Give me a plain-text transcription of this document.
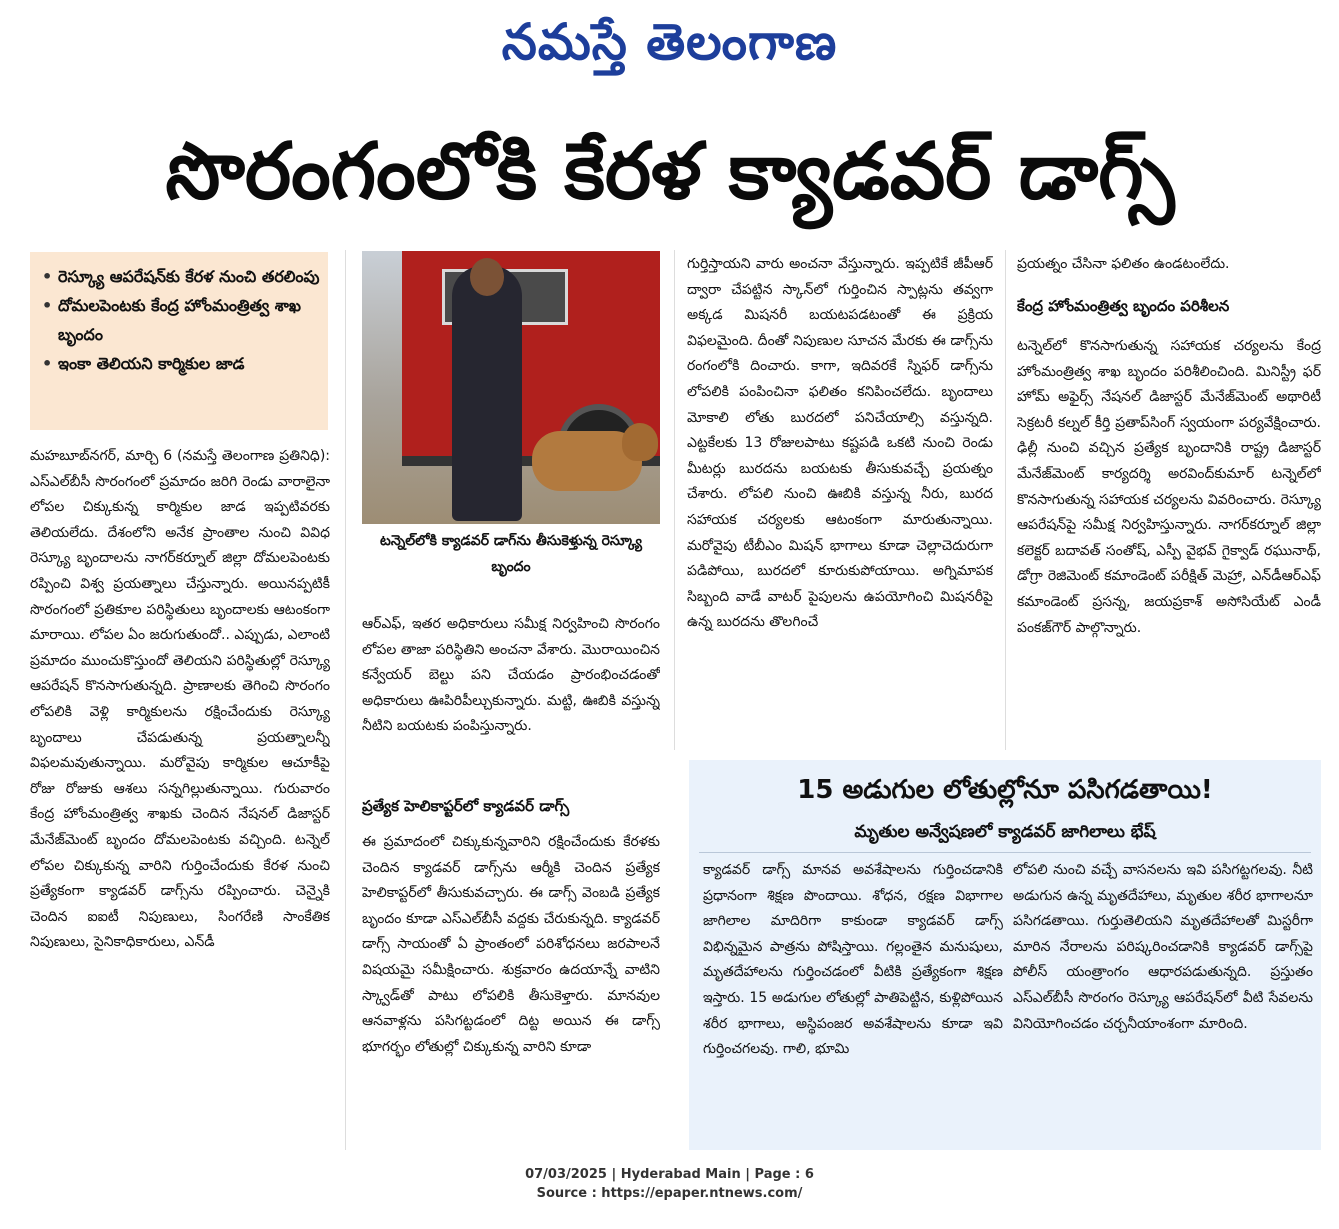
నమస్తే తెలంగాణ
సొరంగంలోకి కేరళ క్యాడవర్ డాగ్స్
• రెస్క్యూ ఆపరేషన్‌కు కేరళ నుంచి తరలింపు
• దోమలపెంటకు కేంద్ర హోంమంత్రిత్వ శాఖ బృందం
• ఇంకా తెలియని కార్మికుల జాడ

మహబూబ్‌నగర్, మార్చి 6 (నమస్తే తెలంగాణ ప్రతినిధి): ఎస్‌ఎల్‌బీసీ సొరంగంలో ప్రమాదం జరిగి రెండు వారాలైనా లోపల చిక్కుకున్న కార్మికుల జాడ ఇప్పటివరకు తెలియలేదు. దేశంలోని అనేక ప్రాంతాల నుంచి వివిధ రెస్క్యూ బృందాలను నాగర్‌కర్నూల్ జిల్లా దోమలపెంటకు రప్పించి విశ్వ ప్రయత్నాలు చేస్తున్నారు. అయినప్పటికీ సొరంగంలో ప్రతికూల పరిస్థితులు బృందాలకు ఆటంకంగా మారాయి. లోపల ఏం జరుగుతుందో.. ఎప్పుడు, ఎలాంటి ప్రమాదం ముంచుకొస్తుందో తెలియని పరిస్థితుల్లో రెస్క్యూ ఆపరేషన్ కొనసాగుతున్నది. ప్రాణాలకు తెగించి సొరంగం లోపలికి వెళ్లి కార్మికులను రక్షించేందుకు రెస్క్యూ బృందాలు చేపడుతున్న ప్రయత్నాలన్నీ విఫలమవుతున్నాయి. మరోవైపు కార్మికుల ఆచూకీపై రోజు రోజుకు ఆశలు సన్నగిల్లుతున్నాయి. గురువారం కేంద్ర హోంమంత్రిత్వ శాఖకు చెందిన నేషనల్ డిజాస్టర్ మేనేజ్‌మెంట్ బృందం దోమలపెంటకు వచ్చింది. టన్నెల్ లోపల చిక్కుకున్న వారిని గుర్తించేందుకు కేరళ నుంచి ప్రత్యేకంగా క్యాడవర్ డాగ్స్‌ను రప్పించారు. చెన్నైకి చెందిన ఐఐటీ నిపుణులు, సింగరేణి సాంకేతిక నిపుణులు, సైనికాధికారులు, ఎన్‌డీ

టన్నెల్‌లోకి క్యాడవర్ డాగ్‌ను తీసుకెళ్తున్న రెస్క్యూ బృందం

ఆర్‌ఎఫ్, ఇతర అధికారులు సమీక్ష నిర్వహించి సొరంగం లోపల తాజా పరిస్థితిని అంచనా వేశారు. మొరాయించిన కన్వేయర్ బెల్టు పని చేయడం ప్రారంభించడంతో అధికారులు ఊపిరిపీల్చుకున్నారు. మట్టి, ఊబికి వస్తున్న నీటిని బయటకు పంపిస్తున్నారు.

ప్రత్యేక హెలికాప్టర్‌లో క్యాడవర్ డాగ్స్

ఈ ప్రమాదంలో చిక్కుకున్నవారిని రక్షించేందుకు కేరళకు చెందిన క్యాడవర్ డాగ్స్‌ను ఆర్మీకి చెందిన ప్రత్యేక హెలికాప్టర్‌లో తీసుకువచ్చారు. ఈ డాగ్స్ వెంబడి ప్రత్యేక బృందం కూడా ఎస్‌ఎల్‌బీసీ వద్దకు చేరుకున్నది. క్యాడవర్ డాగ్స్ సాయంతో ఏ ప్రాంతంలో పరిశోధనలు జరపాలనే విషయమై సమీక్షించారు. శుక్రవారం ఉదయాన్నే వాటిని స్క్వాడ్‌తో పాటు లోపలికి తీసుకెళ్తారు. మానవుల ఆనవాళ్లను పసిగట్టడంలో దిట్ట అయిన ఈ డాగ్స్ భూగర్భం లోతుల్లో చిక్కుకున్న వారిని కూడా

గుర్తిస్తాయని వారు అంచనా వేస్తున్నారు. ఇప్పటికే జీపీఆర్ ద్వారా చేపట్టిన స్కాన్‌లో గుర్తించిన స్పాట్లను తవ్వగా అక్కడ మిషనరీ బయటపడటంతో ఈ ప్రక్రియ విఫలమైంది. దీంతో నిపుణుల సూచన మేరకు ఈ డాగ్స్‌ను రంగంలోకి దించారు. కాగా, ఇదివరకే స్నిఫర్ డాగ్స్‌ను లోపలికి పంపించినా ఫలితం కనిపించలేదు. బృందాలు మోకాలి లోతు బురదలో పనిచేయాల్సి వస్తున్నది. ఎట్టకేలకు 13 రోజులపాటు కష్టపడి ఒకటి నుంచి రెండు మీటర్లు బురదను బయటకు తీసుకువచ్చే ప్రయత్నం చేశారు. లోపలి నుంచి ఊబికి వస్తున్న నీరు, బురద సహాయక చర్యలకు ఆటంకంగా మారుతున్నాయి. మరోవైపు టీబీఎం మిషన్ భాగాలు కూడా చెల్లాచెదురుగా పడిపోయి, బురదలో కూరుకుపోయాయి. అగ్నిమాపక సిబ్బంది వాడే వాటర్ పైపులను ఉపయోగించి మిషనరీపై ఉన్న బురదను తొలగించే

ప్రయత్నం చేసినా ఫలితం ఉండటంలేదు.

కేంద్ర హోంమంత్రిత్వ బృందం పరిశీలన

టన్నెల్‌లో కొనసాగుతున్న సహాయక చర్యలను కేంద్ర హోంమంత్రిత్వ శాఖ బృందం పరిశీలించింది. మినిస్ట్రీ ఫర్ హోమ్ అఫైర్స్ నేషనల్ డిజాస్టర్ మేనేజ్‌మెంట్ అథారిటీ సెక్రటరీ కల్నల్ కీర్తి ప్రతాప్‌సింగ్ స్వయంగా పర్యవేక్షించారు. ఢిల్లీ నుంచి వచ్చిన ప్రత్యేక బృందానికి రాష్ట్ర డిజాస్టర్ మేనేజ్‌మెంట్ కార్యదర్శి అరవింద్‌కుమార్ టన్నెల్‌లో కొనసాగుతున్న సహాయక చర్యలను వివరించారు. రెస్క్యూ ఆపరేషన్‌పై సమీక్ష నిర్వహిస్తున్నారు. నాగర్‌కర్నూల్ జిల్లా కలెక్టర్ బదావత్ సంతోష్, ఎస్పీ వైభవ్ గైక్వాడ్ రఘునాథ్, డోగ్రా రెజిమెంట్ కమాండెంట్ పరీక్షిత్ మెహ్రా, ఎన్‌డీఆర్‌ఎఫ్ కమాండెంట్ ప్రసన్న, జయప్రకాశ్ అసోసియేట్ ఎండీ పంకజ్‌గౌర్ పాల్గొన్నారు.

15 అడుగుల లోతుల్లోనూ పసిగడతాయి!
మృతుల అన్వేషణలో క్యాడవర్ జాగిలాలు భేష్

క్యాడవర్ డాగ్స్ మానవ అవశేషాలను గుర్తించడానికి ప్రధానంగా శిక్షణ పొందాయి. శోధన, రక్షణ విభాగాల జాగిలాల మాదిరిగా కాకుండా క్యాడవర్ డాగ్స్ విభిన్నమైన పాత్రను పోషిస్తాయి. గల్లంతైన మనుషులు, మృతదేహాలను గుర్తించడంలో వీటికి ప్రత్యేకంగా శిక్షణ ఇస్తారు. 15 అడుగుల లోతుల్లో పాతిపెట్టిన, కుళ్లిపోయిన శరీర భాగాలు, అస్థిపంజర అవశేషాలను కూడా ఇవి గుర్తించగలవు. గాలి, భూమి

లోపలి నుంచి వచ్చే వాసనలను ఇవి పసిగట్టగలవు. నీటి అడుగున ఉన్న మృతదేహాలు, మృతుల శరీర భాగాలనూ పసిగడతాయి. గుర్తుతెలియని మృతదేహాలతో మిస్టరీగా మారిన నేరాలను పరిష్కరించడానికి క్యాడవర్ డాగ్స్‌పై పోలీస్ యంత్రాంగం ఆధారపడుతున్నది. ప్రస్తుతం ఎస్‌ఎల్‌బీసీ సొరంగం రెస్క్యూ ఆపరేషన్‌లో వీటి సేవలను వినియోగించడం చర్చనీయాంశంగా మారింది.

07/03/2025 | Hyderabad Main | Page : 6
Source : https://epaper.ntnews.com/
